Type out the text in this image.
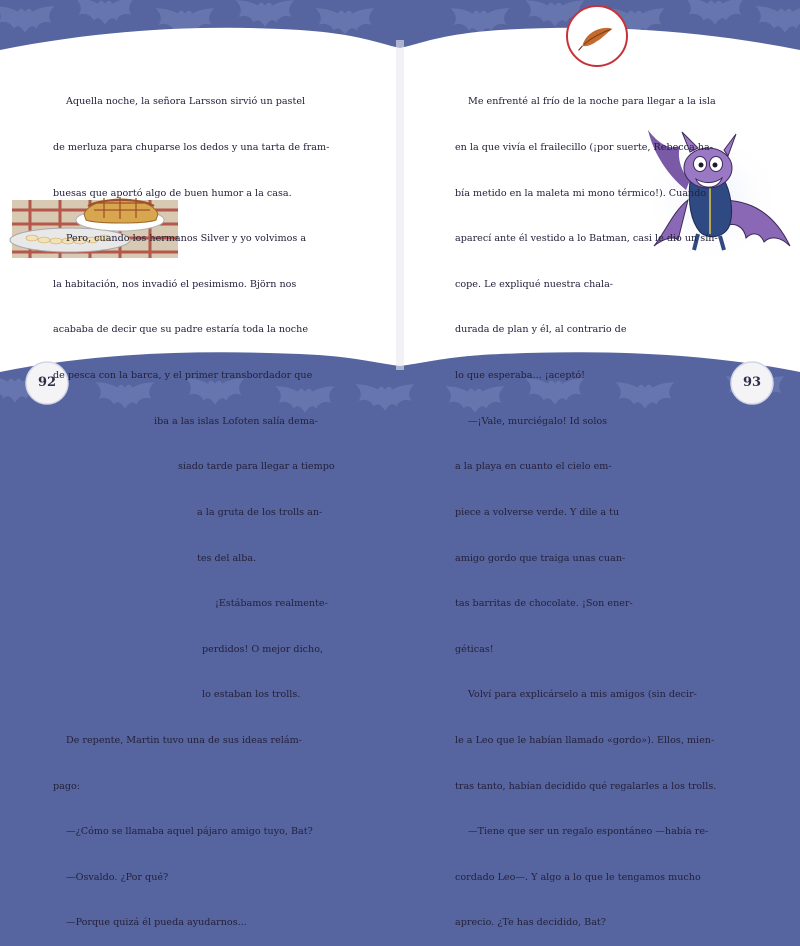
Aquella noche, la señora Larsson sirvió un pastel

de merluza para chuparse los dedos y una tarta de fram-

buesas que aportó algo de buen humor a la casa.

Pero, cuando los hermanos Silver y yo volvimos a

la habitación, nos invadió el pesimismo. Björn nos

acababa de decir que su padre estaría toda la noche

de pesca con la barca, y el primer transbordador que

iba a las islas Lofoten salía dema-

siado tarde para llegar a tiempo

a la gruta de los trolls an-

tes del alba.

¡Estábamos realmente-

perdidos! O mejor dicho,

lo estaban los trolls.

De repente, Martin tuvo una de sus ideas relám-

pago:

—¿Cómo se llamaba aquel pájaro amigo tuyo, Bat?

—Osvaldo. ¿Por qué?

—Porque quizá él pueda ayudarnos...

Me enfrenté al frío de la noche para llegar a la isla

en la que vivía el frailecillo (¡por suerte, Rebecca ha-

bía metido en la maleta mi mono térmico!). Cuando

aparecí ante él vestido a lo Batman, casi le dio un sín-

cope. Le expliqué nuestra chala-

durada de plan y él, al contrario de

lo que esperaba... ¡aceptó!

—¡Vale, murciégalo! Id solos

a la playa en cuanto el cielo em-

piece a volverse verde. Y dile a tu

amigo gordo que traiga unas cuan-

tas barritas de chocolate. ¡Son ener-

géticas!

Volví para explicárselo a mis amigos (sin decir-

le a Leo que le habían llamado «gordo»). Ellos, mien-

tras tanto, habían decidido qué regalarles a los trolls.

—Tiene que ser un regalo espontáneo —había re-

cordado Leo—. Y algo a lo que le tengamos mucho

aprecio. ¿Te has decidido, Bat?

92	93
